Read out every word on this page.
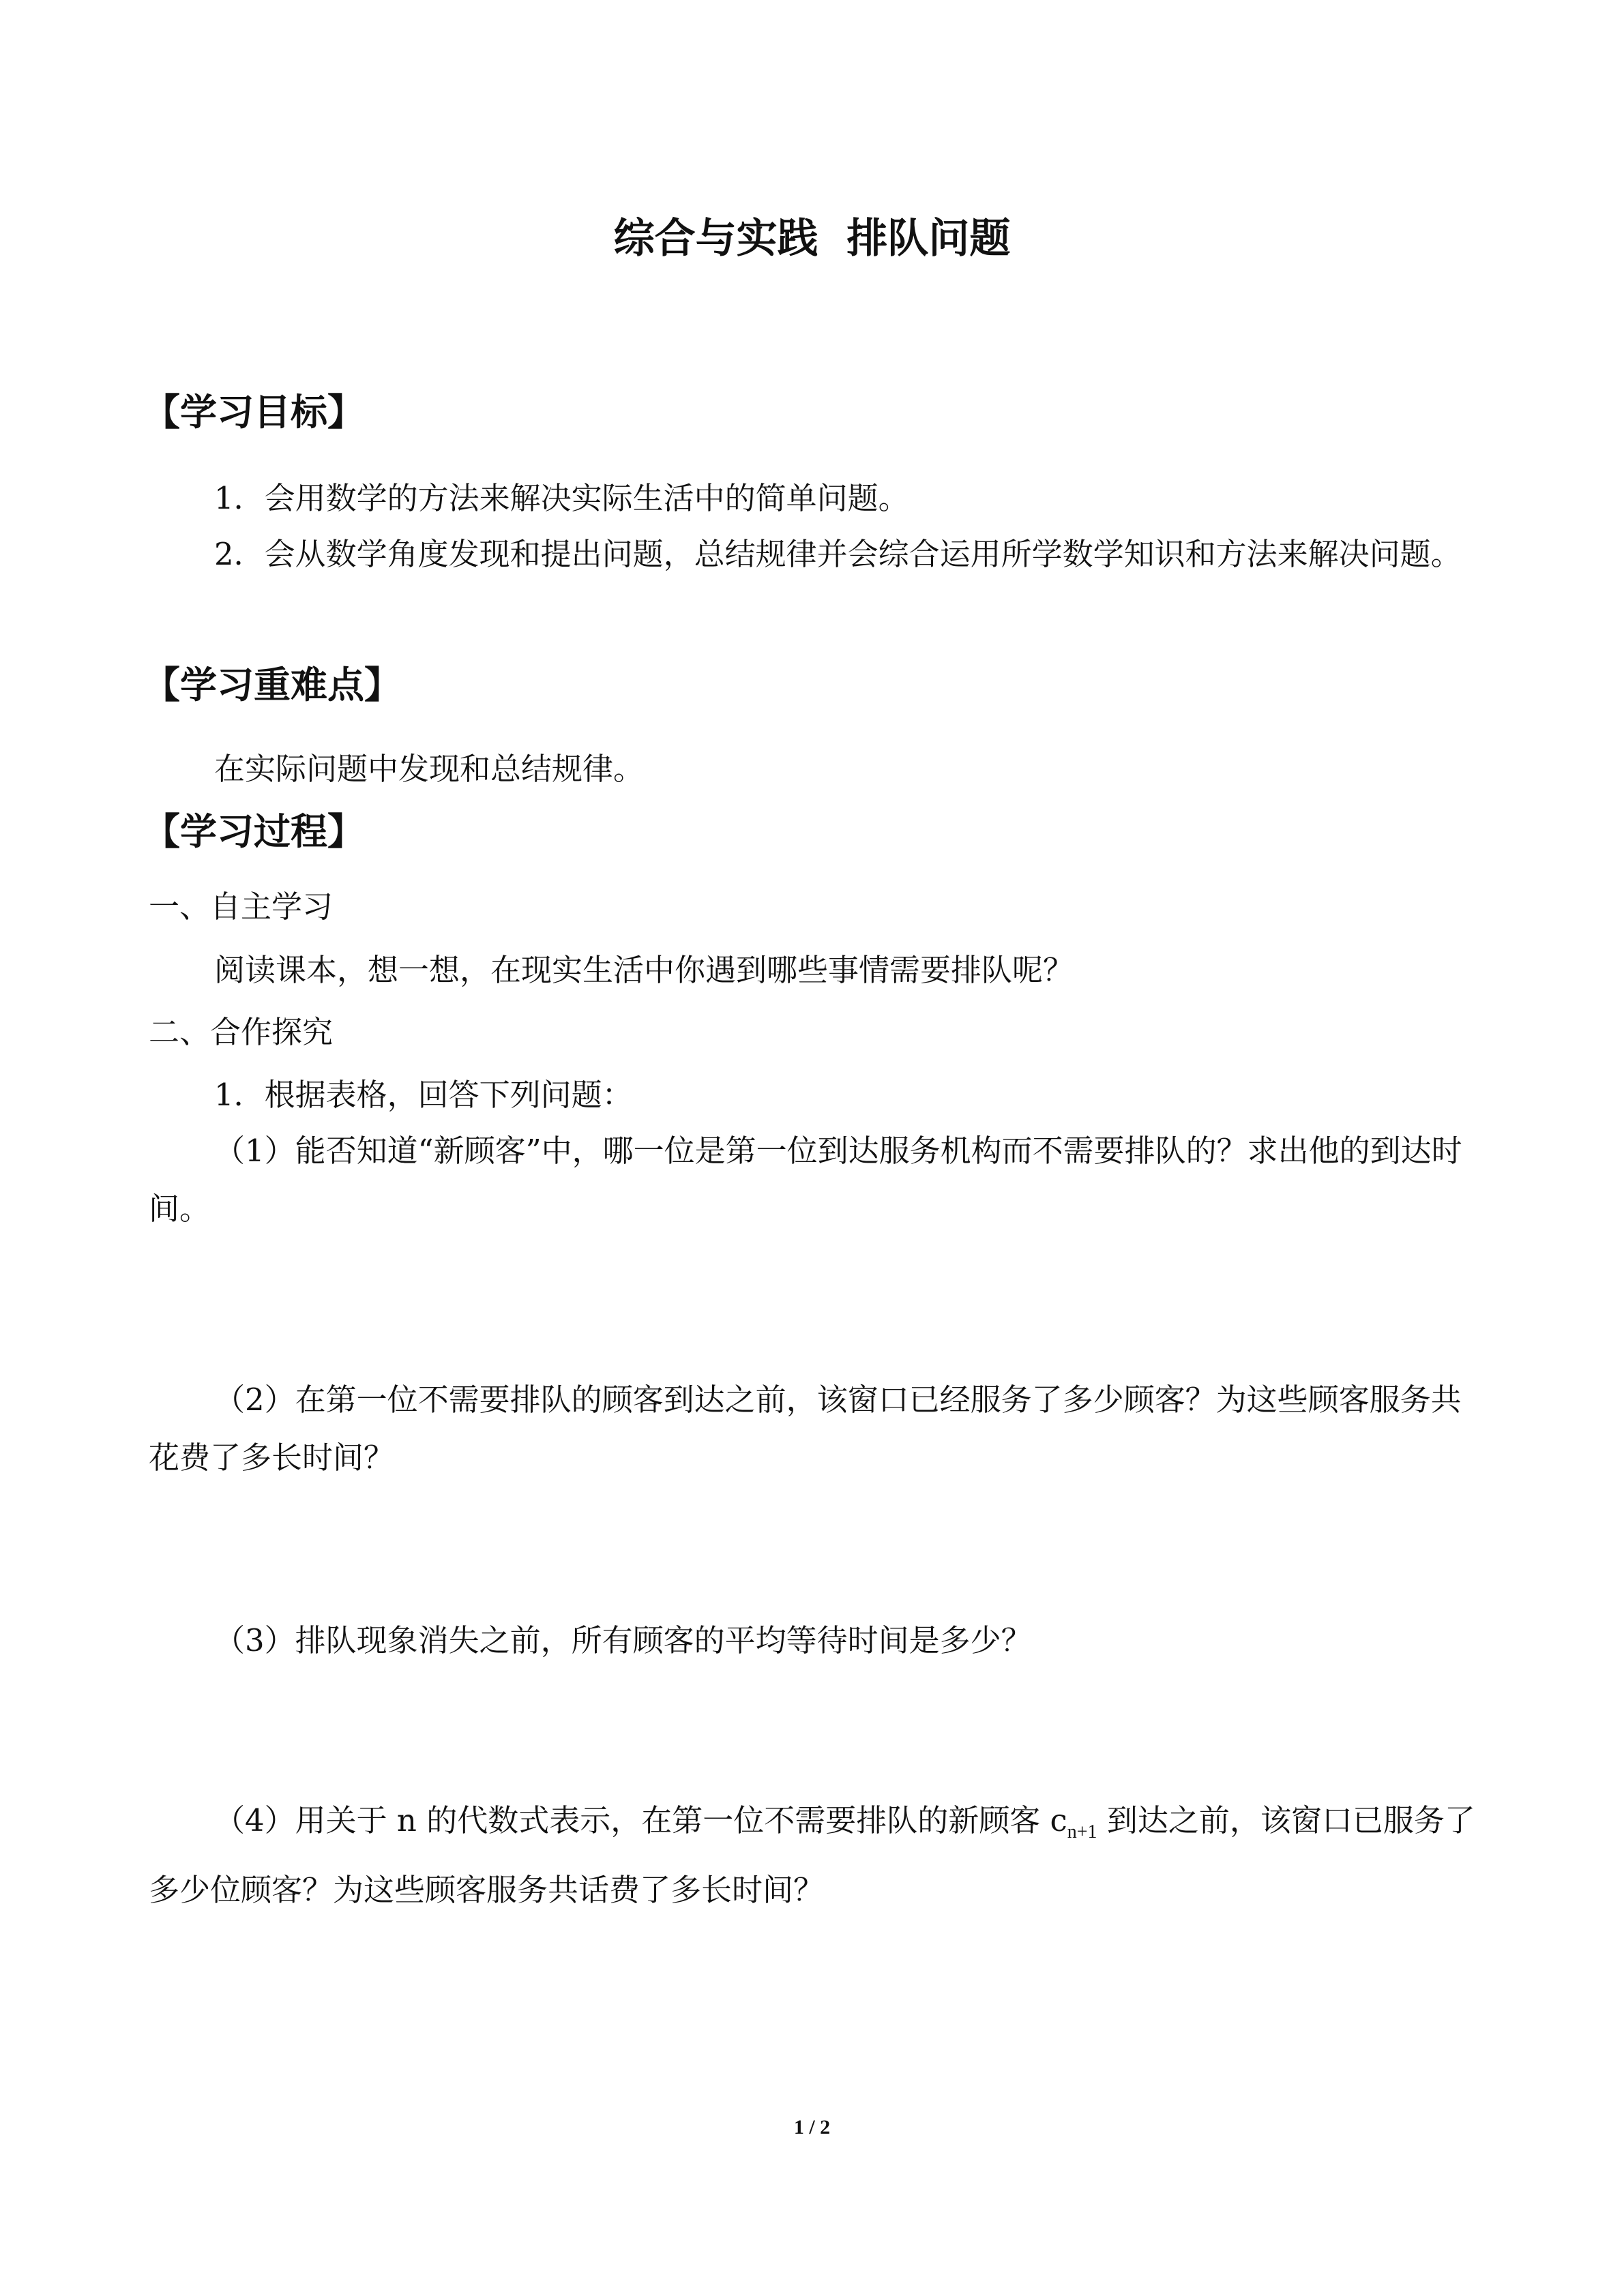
综合与实践  排队问题
【学习目标】
1．会用数学的方法来解决实际生活中的简单问题。
2．会从数学角度发现和提出问题，总结规律并会综合运用所学数学知识和方法来解决问题。
【学习重难点】
在实际问题中发现和总结规律。
【学习过程】
一、自主学习
阅读课本，想一想，在现实生活中你遇到哪些事情需要排队呢？
二、合作探究
1．根据表格，回答下列问题：
（1）能否知道“新顾客”中，哪一位是第一位到达服务机构而不需要排队的？求出他的到达时间。
（2）在第一位不需要排队的顾客到达之前，该窗口已经服务了多少顾客？为这些顾客服务共花费了多长时间？
（3）排队现象消失之前，所有顾客的平均等待时间是多少？
（4）用关于 n 的代数式表示，在第一位不需要排队的新顾客 $c_{n+1}$ 到达之前，该窗口已服务了多少位顾客？为这些顾客服务共话费了多长时间？
1 / 2
